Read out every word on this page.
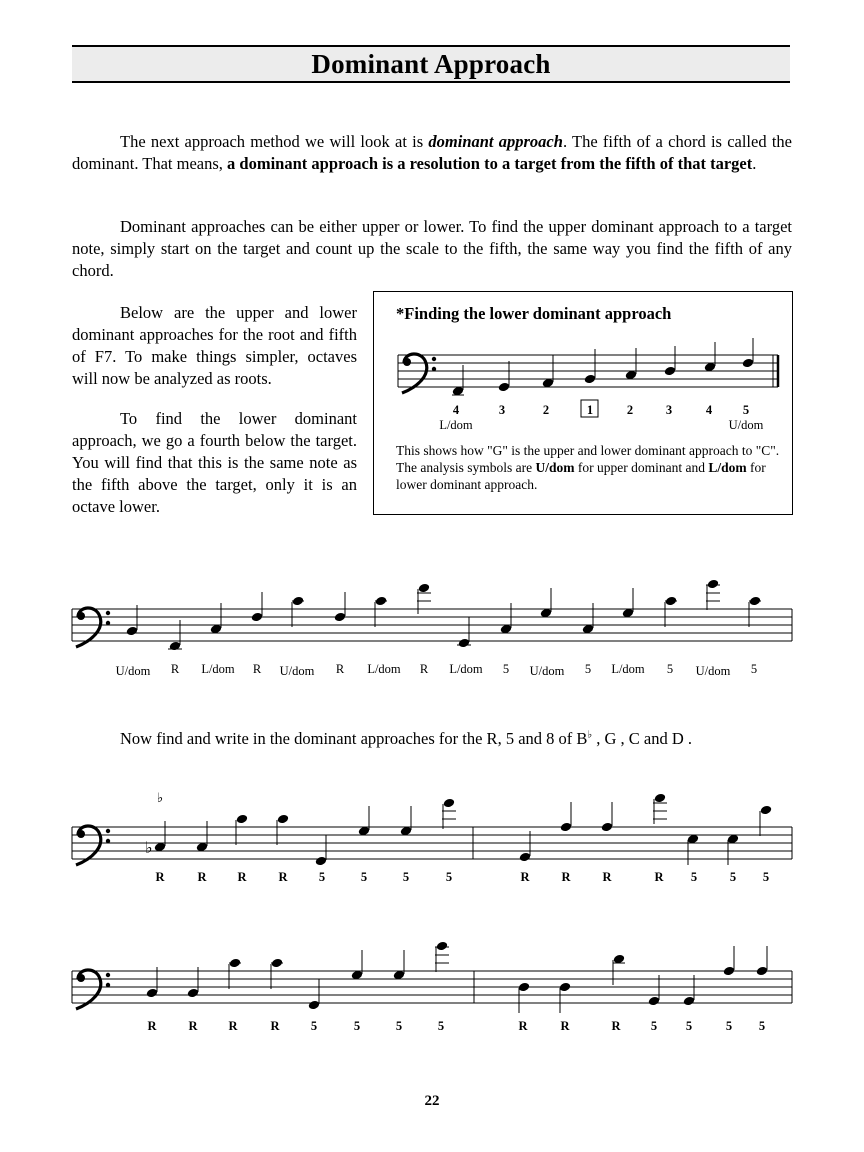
Dominant Approach

The next approach method we will look at is dominant approach. The fifth of a chord is called the dominant. That means, a dominant approach is a resolution to a target from the fifth of that target.

Dominant approaches can be either upper or lower. To find the upper dominant approach to a target note, simply start on the target and count up the scale to the fifth, the same way you find the fifth of any chord.

Below are the upper and lower dominant approaches for the root and fifth of F7. To make things simpler, octaves will now be analyzed as roots.

To find the lower dominant approach, we go a fourth below the target. You will find that this is the same note as the fifth above the target, only it is an octave lower.

*Finding the lower dominant approach
This shows how "G" is the upper and lower dominant approach to "C". The analysis symbols are U/dom for upper dominant and L/dom for lower dominant approach.
4	3	2	1	2	3	4 5
L/dom	U/dom
U/dom R L/dom R U/dom R L/dom R L/dom 5 U/dom 5 L/dom 5 U/dom 5
♭
♭
R	R R	R	5	5	5	5	R	R	R	R 5	5 5
R	R R	R	5	5	5	5	R	R	R 5 5	5 5
Now find and write in the dominant approaches for the R, 5 and 8 of B♭ , G , C and D .
22
